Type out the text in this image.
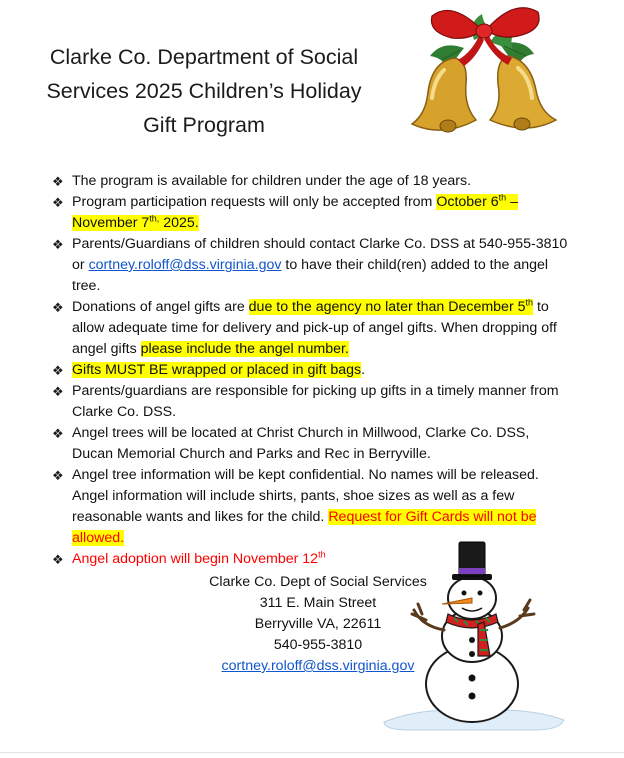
Clarke Co. Department of Social
Services 2025 Children’s Holiday
Gift Program
❖ The program is available for children under the age of 18 years.
❖ Program participation requests will only be accepted from October 6th – November $7^{th,}$ 2025.
❖ Parents/Guardians of children should contact Clarke Co. DSS at 540-955-3810 or cortney.roloff@dss.virginia.gov to have their child(ren) added to the angel tree.
❖ Donations of angel gifts are due to the agency no later than December 5th to allow adequate time for delivery and pick-up of angel gifts. When dropping off angel gifts please include the angel number.
❖ Gifts MUST BE wrapped or placed in gift bags.
❖ Parents/guardians are responsible for picking up gifts in a timely manner from Clarke Co. DSS.
❖ Angel trees will be located at Christ Church in Millwood, Clarke Co. DSS, Ducan Memorial Church and Parks and Rec in Berryville.
❖ Angel tree information will be kept confidential. No names will be released. Angel information will include shirts, pants, shoe sizes as well as a few reasonable wants and likes for the child. Request for Gift Cards will not be allowed.
❖ Angel adoption will begin November 12th
Clarke Co. Dept of Social Services
311 E. Main Street
Berryville VA, 22611
540-955-3810
cortney.roloff@dss.virginia.gov
